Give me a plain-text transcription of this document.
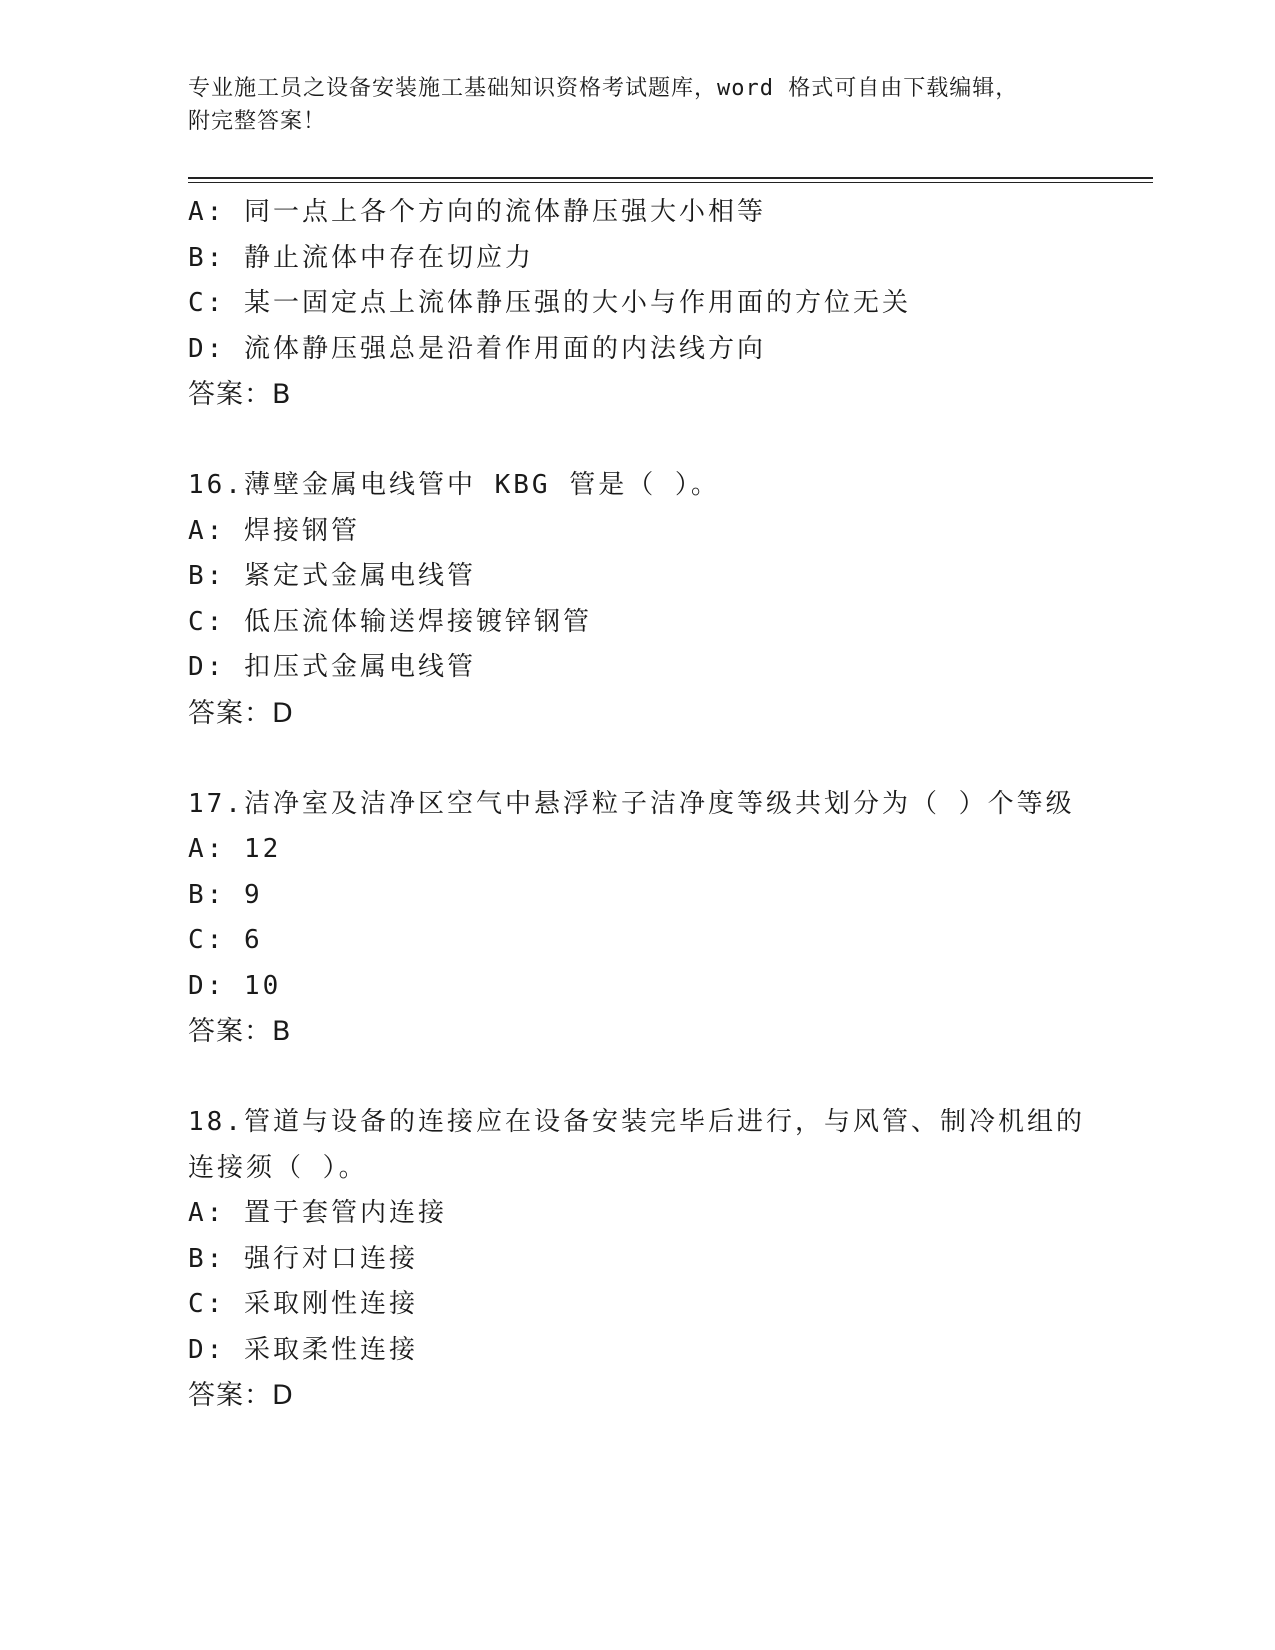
专业施工员之设备安装施工基础知识资格考试题库，word 格式可自由下载编辑，
附完整答案！
A: 同一点上各个方向的流体静压强大小相等
B: 静止流体中存在切应力
C: 某一固定点上流体静压强的大小与作用面的方位无关
D: 流体静压强总是沿着作用面的内法线方向
答案：B
16.薄壁金属电线管中 KBG 管是（ ）。
A: 焊接钢管
B: 紧定式金属电线管
C: 低压流体输送焊接镀锌钢管
D: 扣压式金属电线管
答案：D
17.洁净室及洁净区空气中悬浮粒子洁净度等级共划分为（ ）个等级
A: 12
B: 9
C: 6
D: 10
答案：B
18.管道与设备的连接应在设备安装完毕后进行，与风管、制冷机组的
连接须（ ）。
A: 置于套管内连接
B: 强行对口连接
C: 采取刚性连接
D: 采取柔性连接
答案：D
